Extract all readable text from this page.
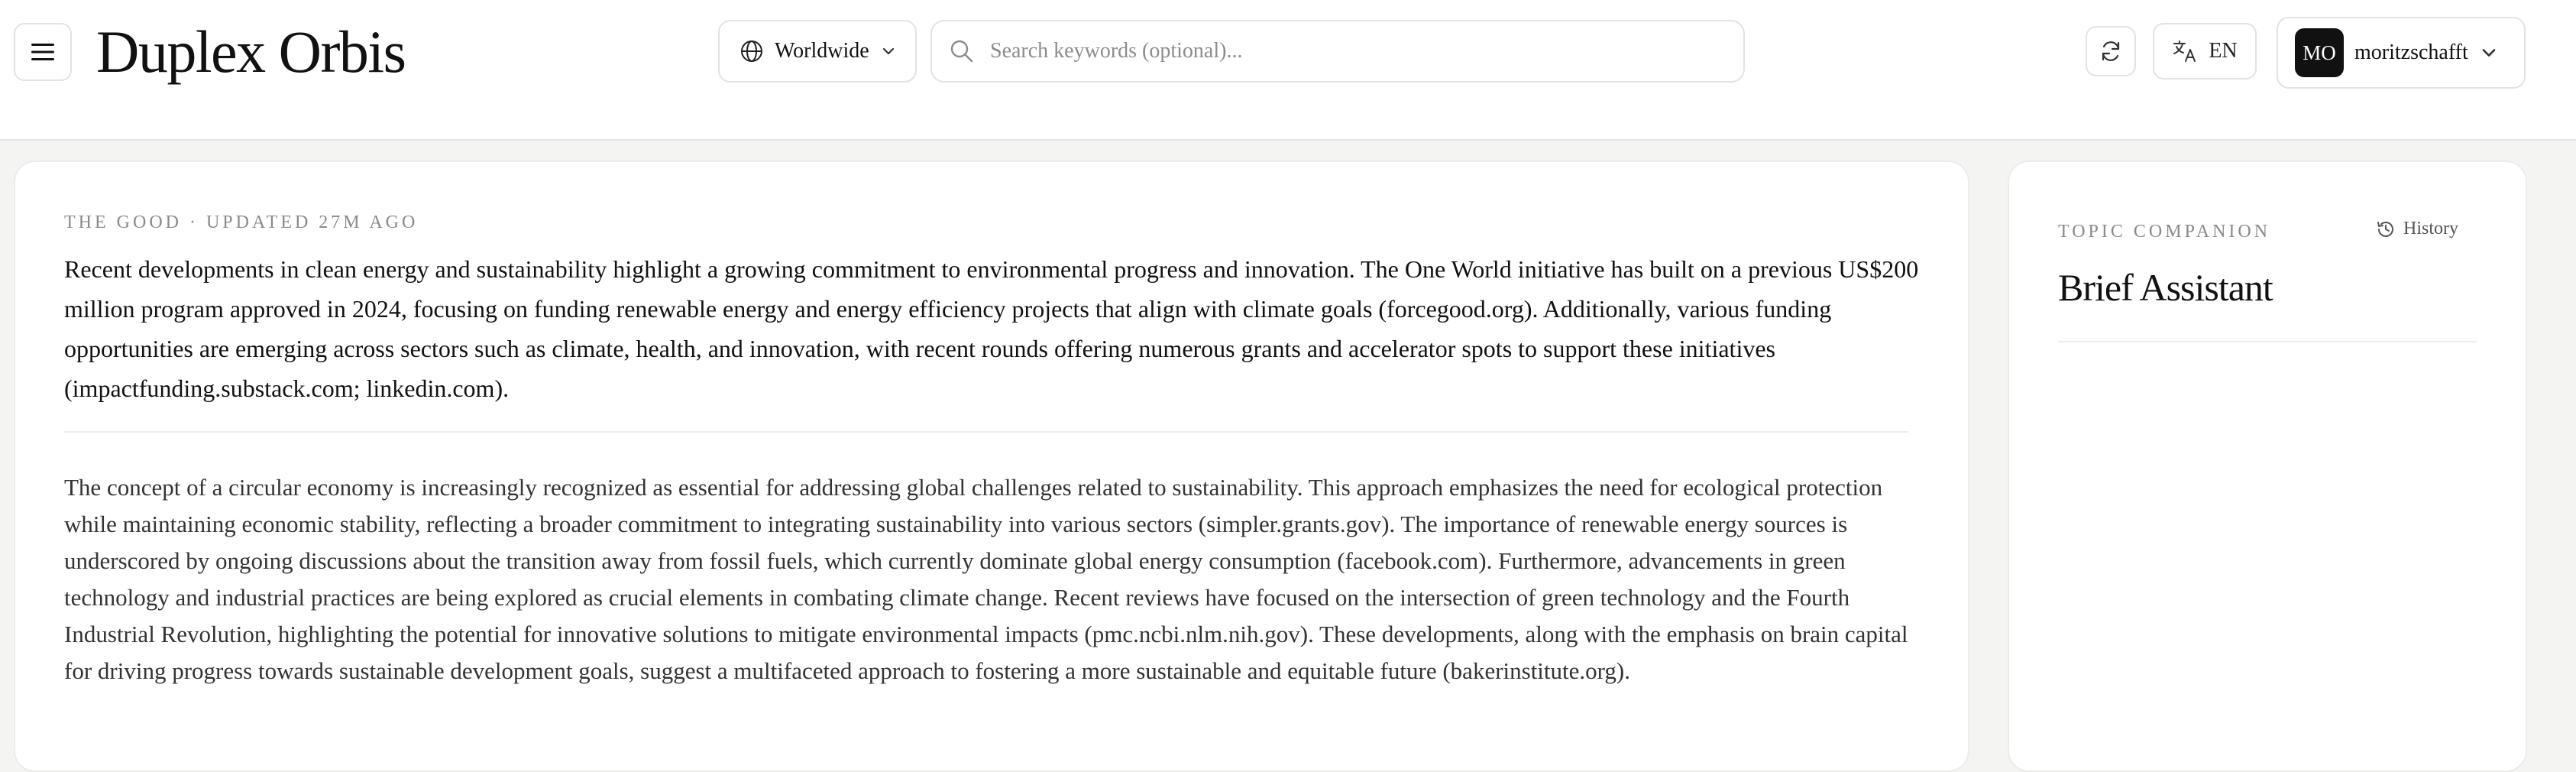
Duplex Orbis	Worldwide
Search keywords (optional)...	EN	MO moritzschafft
THE GOOD · UPDATED 27M AGO

Recent developments in clean energy and sustainability highlight a growing commitment to environmental progress and innovation. The One World initiative has built on a previous US$200 million program approved in 2024, focusing on funding renewable energy and energy efficiency projects that align with climate goals (forcegood.org). Additionally, various funding opportunities are emerging across sectors such as climate, health, and innovation, with recent rounds offering numerous grants and accelerator spots to support these initiatives (impactfunding.substack.com; linkedin.com).

The concept of a circular economy is increasingly recognized as essential for addressing global challenges related to sustainability. This approach emphasizes the need for ecological protection while maintaining economic stability, reflecting a broader commitment to integrating sustainability into various sectors (simpler.grants.gov). The importance of renewable energy sources is underscored by ongoing discussions about the transition away from fossil fuels, which currently dominate global energy consumption (facebook.com). Furthermore, advancements in green technology and industrial practices are being explored as crucial elements in combating climate change. Recent reviews have focused on the intersection of green technology and the Fourth Industrial Revolution, highlighting the potential for innovative solutions to mitigate environmental impacts (pmc.ncbi.nlm.nih.gov). These developments, along with the emphasis on brain capital for driving progress towards sustainable development goals, suggest a multifaceted approach to fostering a more sustainable and equitable future (bakerinstitute.org).

TOPIC COMPANION	History
Brief Assistant
